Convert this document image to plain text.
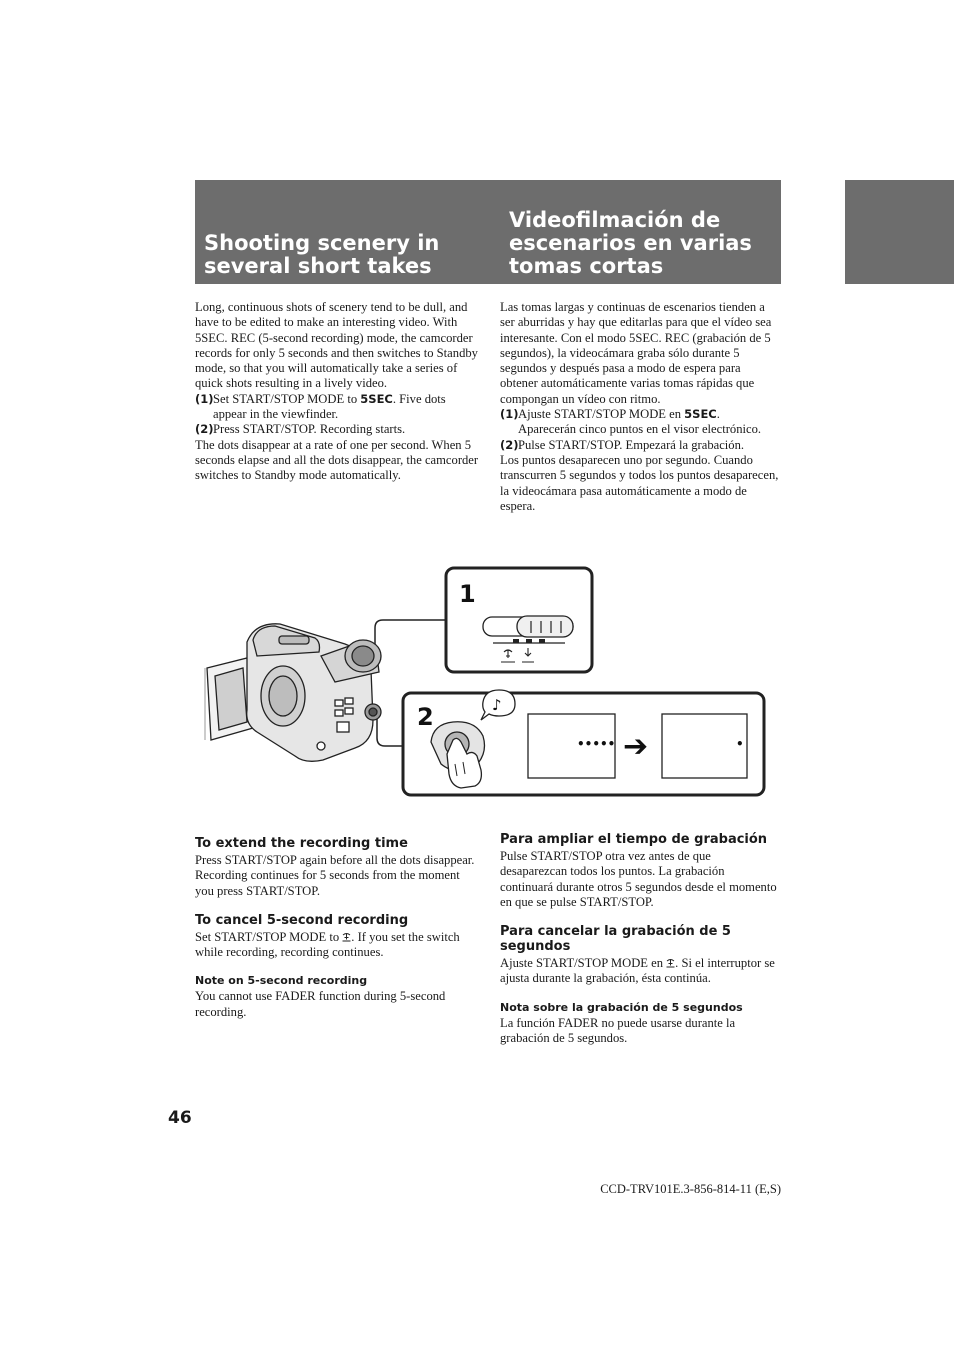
Shooting scenery in
several short takes
Videofilmación de
escenarios en varias
tomas cortas

Long, continuous shots of scenery tend to be dull, and have to be edited to make an interesting video. With 5SEC. REC (5-second recording) mode, the camcorder records for only 5 seconds and then switches to Standby mode, so that you will automatically take a series of quick shots resulting in a lively video.

(1) Set START/STOP MODE to 5SEC. Five dots appear in the viewfinder.
(2) Press START/STOP. Recording starts.

The dots disappear at a rate of one per second. When 5 seconds elapse and all the dots disappear, the camcorder switches to Standby mode automatically.

Las tomas largas y continuas de escenarios tienden a ser aburridas y hay que editarlas para que el vídeo sea interesante. Con el modo 5SEC. REC (grabación de 5 segundos), la videocámara graba sólo durante 5 segundos y después pasa a modo de espera para obtener automáticamente varias tomas rápidas que compongan un vídeo con ritmo.

(1) Ajuste START/STOP MODE en 5SEC. Aparecerán cinco puntos en el visor electrónico.
(2) Pulse START/STOP. Empezará la grabación.

Los puntos desaparecen uno por segundo. Cuando transcurren 5 segundos y todos los puntos desaparecen, la videocámara pasa automáticamente a modo de espera.

1
2	♪
••••• ➔	•

To extend the recording time

Press START/STOP again before all the dots disappear. Recording continues for 5 seconds from the moment you press START/STOP.

To cancel 5-second recording

Set START/STOP MODE to . If you set the switch while recording, recording continues.

Note on 5-second recording

You cannot use FADER function during 5-second recording.

Para ampliar el tiempo de grabación

Pulse START/STOP otra vez antes de que desaparezcan todos los puntos. La grabación continuará durante otros 5 segundos desde el momento en que se pulse START/STOP.

Para cancelar la grabación de 5 segundos

Ajuste START/STOP MODE en . Si el interruptor se ajusta durante la grabación, ésta continúa.

Nota sobre la grabación de 5 segundos

La función FADER no puede usarse durante la grabación de 5 segundos.

46
CCD-TRV101E.3-856-814-11 (E,S)
